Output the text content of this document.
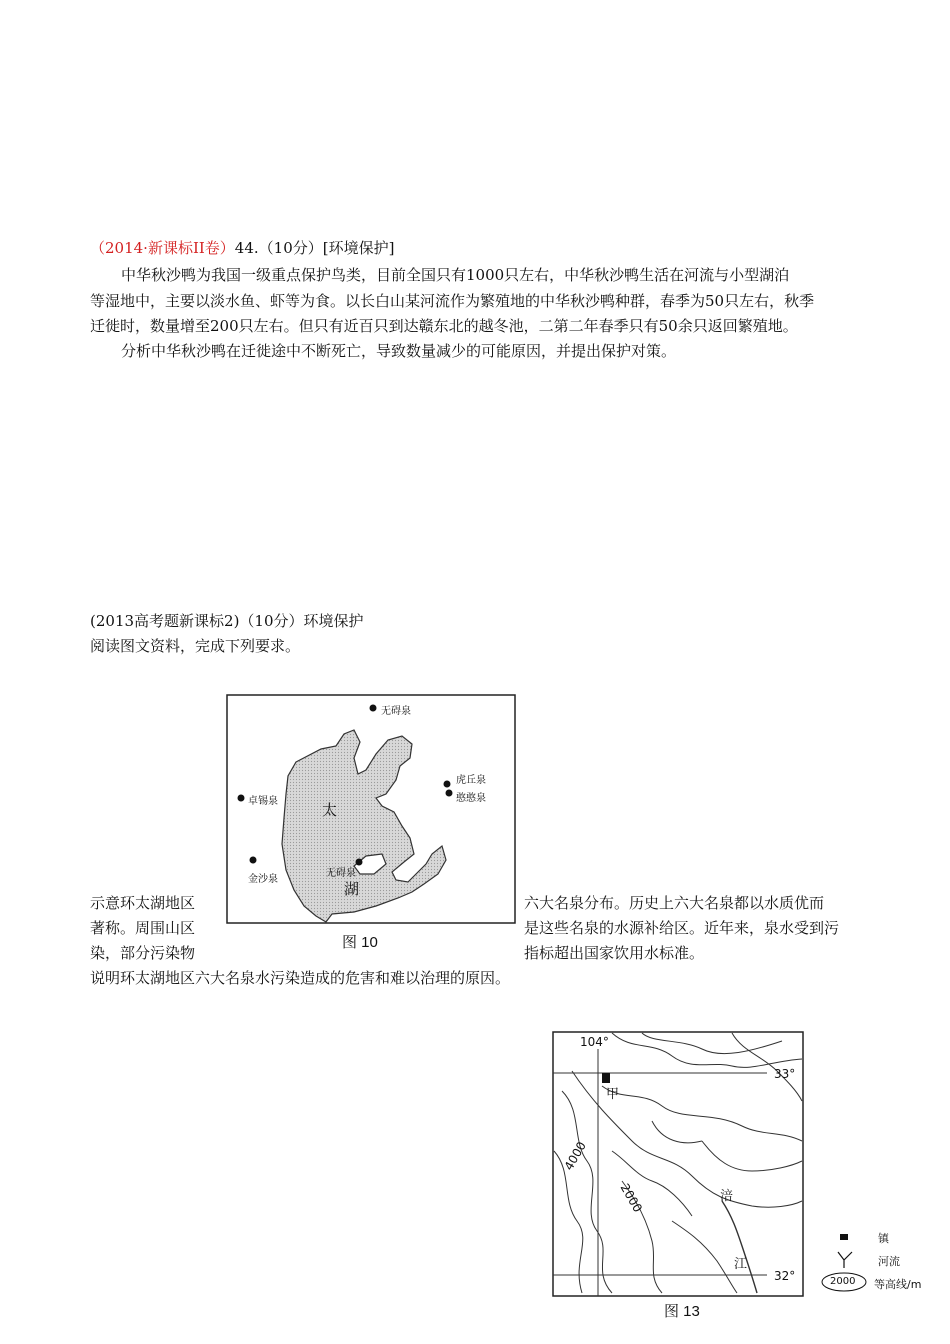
（2014·新课标II卷）44.（10分）[环境保护]
中华秋沙鸭为我国一级重点保护鸟类，目前全国只有1000只左右，中华秋沙鸭生活在河流与小型湖泊
等湿地中，主要以淡水鱼、虾等为食。以长白山某河流作为繁殖地的中华秋沙鸭种群，春季为50只左右，秋季
迁徙时，数量增至200只左右。但只有近百只到达赣东北的越冬池，二第二年春季只有50余只返回繁殖地。
分析中华秋沙鸭在迁徙途中不断死亡，导致数量减少的可能原因，并提出保护对策。
(2013高考题新课标2)（10分）环境保护
阅读图文资料，完成下列要求。
示意环太湖地区
著称。周围山区
染，部分污染物
六大名泉分布。历史上六大名泉都以水质优而
是这些名泉的水源补给区。近年来，泉水受到污
指标超出国家饮用水标准。
说明环太湖地区六大名泉水污染造成的危害和难以治理的原因。
无碍泉
卓锡泉
虎丘泉
憨憨泉
金沙泉
无碍泉
太
湖
图 10
104°
33°
32°
4000
2000
甲
涪
江
图 13
镇
河流
等高线/m
2000
